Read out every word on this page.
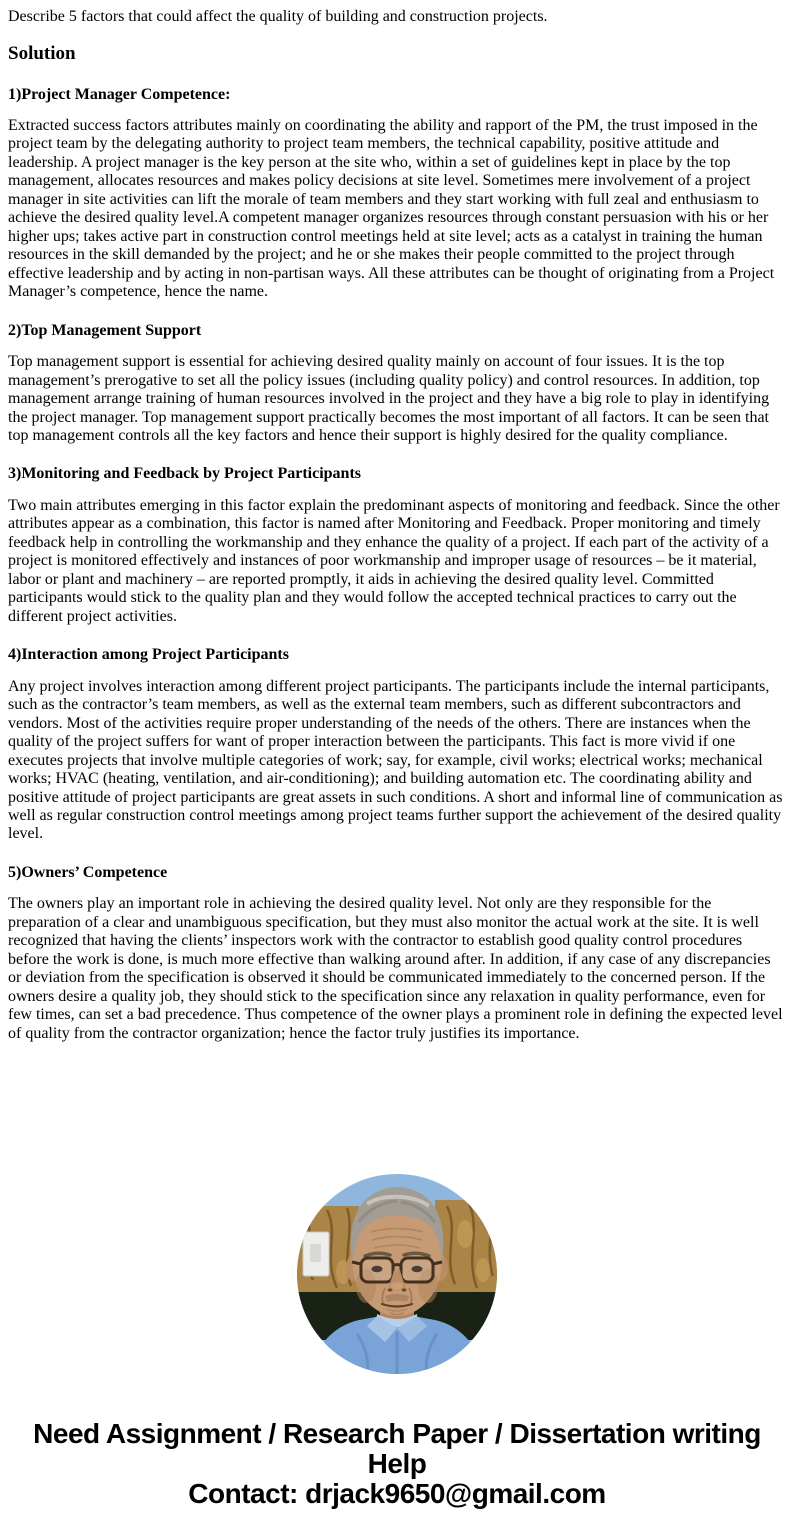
Describe 5 factors that could affect the quality of building and construction projects.

Solution
1)Project Manager Competence:

Extracted success factors attributes mainly on coordinating the ability and rapport of the PM, the trust imposed in the project team by the delegating authority to project team members, the technical capability, positive attitude and leadership. A project manager is the key person at the site who, within a set of guidelines kept in place by the top management, allocates resources and makes policy decisions at site level. Sometimes mere involvement of a project manager in site activities can lift the morale of team members and they start working with full zeal and enthusiasm to achieve the desired quality level.A competent manager organizes resources through constant persuasion with his or her higher ups; takes active part in construction control meetings held at site level; acts as a catalyst in training the human resources in the skill demanded by the project; and he or she makes their people committed to the project through effective leadership and by acting in non-partisan ways. All these attributes can be thought of originating from a Project Manager’s competence, hence the name.

2)Top Management Support

Top management support is essential for achieving desired quality mainly on account of four issues. It is the top management’s prerogative to set all the policy issues (including quality policy) and control resources. In addition, top management arrange training of human resources involved in the project and they have a big role to play in identifying the project manager. Top management support practically becomes the most important of all factors. It can be seen that top management controls all the key factors and hence their support is highly desired for the quality compliance.

3)Monitoring and Feedback by Project Participants

Two main attributes emerging in this factor explain the predominant aspects of monitoring and feedback. Since the other attributes appear as a combination, this factor is named after Monitoring and Feedback. Proper monitoring and timely feedback help in controlling the workmanship and they enhance the quality of a project. If each part of the activity of a project is monitored effectively and instances of poor workmanship and improper usage of resources – be it material, labor or plant and machinery – are reported promptly, it aids in achieving the desired quality level. Committed participants would stick to the quality plan and they would follow the accepted technical practices to carry out the different project activities.

4)Interaction among Project Participants

Any project involves interaction among different project participants. The participants include the internal participants, such as the contractor’s team members, as well as the external team members, such as different subcontractors and vendors. Most of the activities require proper understanding of the needs of the others. There are instances when the quality of the project suffers for want of proper interaction between the participants. This fact is more vivid if one executes projects that involve multiple categories of work; say, for example, civil works; electrical works; mechanical works; HVAC (heating, ventilation, and air-conditioning); and building automation etc. The coordinating ability and positive attitude of project participants are great assets in such conditions. A short and informal line of communication as well as regular construction control meetings among project teams further support the achievement of the desired quality level.

5)Owners’ Competence

The owners play an important role in achieving the desired quality level. Not only are they responsible for the preparation of a clear and unambiguous specification, but they must also monitor the actual work at the site. It is well recognized that having the clients’ inspectors work with the contractor to establish good quality control procedures before the work is done, is much more effective than walking around after. In addition, if any case of any discrepancies or deviation from the specification is observed it should be communicated immediately to the concerned person. If the owners desire a quality job, they should stick to the specification since any relaxation in quality performance, even for few times, can set a bad precedence. Thus competence of the owner plays a prominent role in defining the expected level of quality from the contractor organization; hence the factor truly justifies its importance.

Need Assignment / Research Paper / Dissertation writing Help
Contact: drjack9650@gmail.com
